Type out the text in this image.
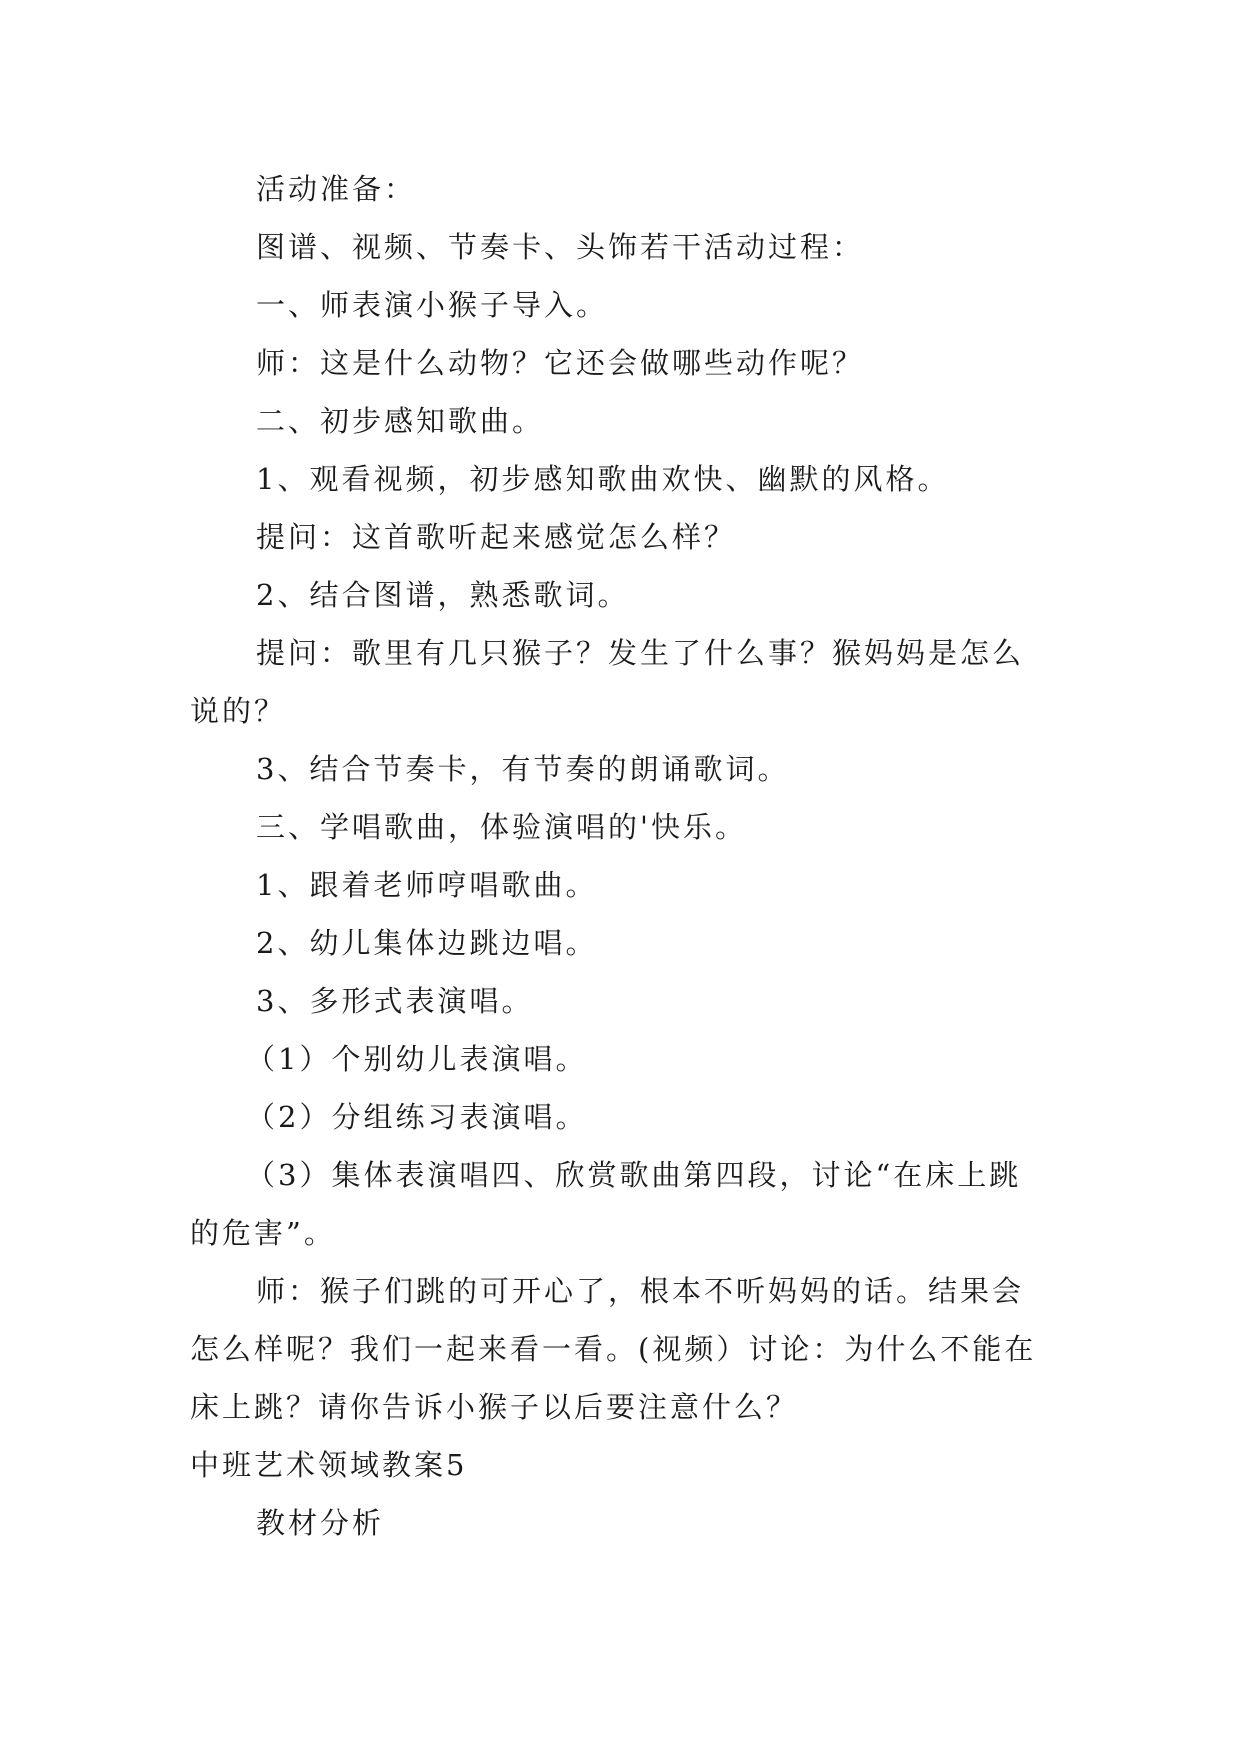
活动准备：

图谱、视频、节奏卡、头饰若干活动过程：

一、师表演小猴子导入。

师：这是什么动物？它还会做哪些动作呢？

二、初步感知歌曲。

1、观看视频，初步感知歌曲欢快、幽默的风格。

提问：这首歌听起来感觉怎么样？

2、结合图谱，熟悉歌词。

提问：歌里有几只猴子？发生了什么事？猴妈妈是怎么说的？

3、结合节奏卡，有节奏的朗诵歌词。

三、学唱歌曲，体验演唱的'快乐。

1、跟着老师哼唱歌曲。

2、幼儿集体边跳边唱。

3、多形式表演唱。

（1）个别幼儿表演唱。

（2）分组练习表演唱。

（3）集体表演唱四、欣赏歌曲第四段，讨论“在床上跳的危害”。

师：猴子们跳的可开心了，根本不听妈妈的话。结果会怎么样呢？我们一起来看一看。(视频）讨论：为什么不能在床上跳？请你告诉小猴子以后要注意什么？

中班艺术领域教案5

教材分析
